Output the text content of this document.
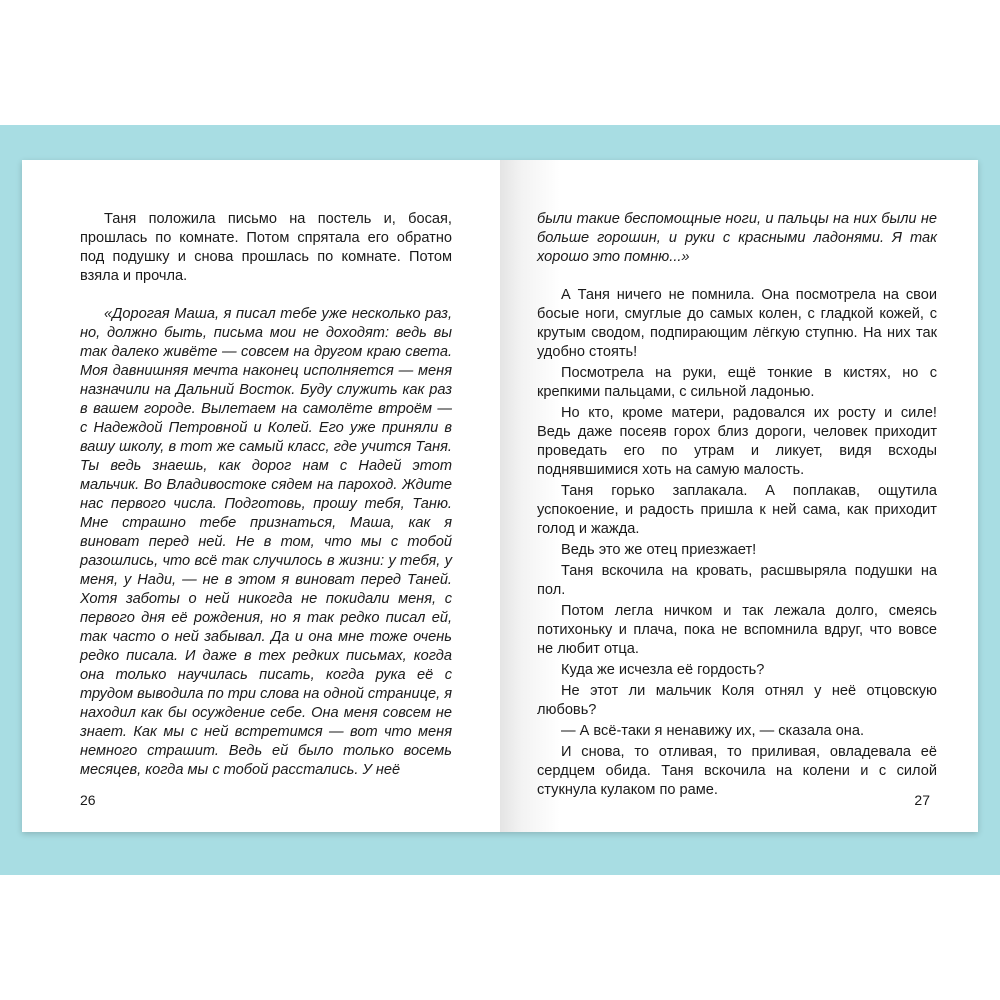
Таня положила письмо на постель и, босая, прошлась по комнате. Потом спрятала его обратно под подушку и снова прошлась по комнате. Потом взяла и прочла.

«Дорогая Маша, я писал тебе уже несколько раз, но, должно быть, письма мои не доходят: ведь вы так далеко живёте — совсем на другом краю света. Моя давнишняя мечта наконец исполняется — меня назначили на Дальний Восток. Буду служить как раз в вашем городе. Вылетаем на самолёте втроём — с Надеждой Петровной и Колей. Его уже приняли в вашу школу, в тот же самый класс, где учится Таня. Ты ведь знаешь, как дорог нам с Надей этот мальчик. Во Владивостоке сядем на пароход. Ждите нас первого числа. Подготовь, прошу тебя, Таню. Мне страшно тебе признаться, Маша, как я виноват перед ней. Не в том, что мы с тобой разошлись, что всё так случилось в жизни: у тебя, у меня, у Нади, — не в этом я виноват перед Таней. Хотя заботы о ней никогда не покидали меня, с первого дня её рождения, но я так редко писал ей, так часто о ней забывал. Да и она мне тоже очень редко писала. И даже в тех редких письмах, когда она только научилась писать, когда рука её с трудом выводила по три слова на одной странице, я находил как бы осуждение себе. Она меня совсем не знает. Как мы с ней встретимся — вот что меня немного страшит. Ведь ей было только восемь месяцев, когда мы с тобой расстались. У неё

26

были такие беспомощные ноги, и пальцы на них были не больше горошин, и руки с красными ладонями. Я так хорошо это помню...»

А Таня ничего не помнила. Она посмотрела на свои босые ноги, смуглые до самых колен, с гладкой кожей, с крутым сводом, подпирающим лёгкую ступню. На них так удобно стоять!

Посмотрела на руки, ещё тонкие в кистях, но с крепкими пальцами, с сильной ладонью.

Но кто, кроме матери, радовался их росту и силе! Ведь даже посеяв горох близ дороги, человек приходит проведать его по утрам и ликует, видя всходы поднявшимися хоть на самую малость.

Таня горько заплакала. А поплакав, ощутила успокоение, и радость пришла к ней сама, как приходит голод и жажда.

Ведь это же отец приезжает!

Таня вскочила на кровать, расшвыряла подушки на пол.

Потом легла ничком и так лежала долго, смеясь потихоньку и плача, пока не вспомнила вдруг, что вовсе не любит отца.

Куда же исчезла её гордость?

Не этот ли мальчик Коля отнял у неё отцовскую любовь?

— А всё-таки я ненавижу их, — сказала она.

И снова, то отливая, то приливая, овладевала её сердцем обида. Таня вскочила на колени и с силой стукнула кулаком по раме.

27
